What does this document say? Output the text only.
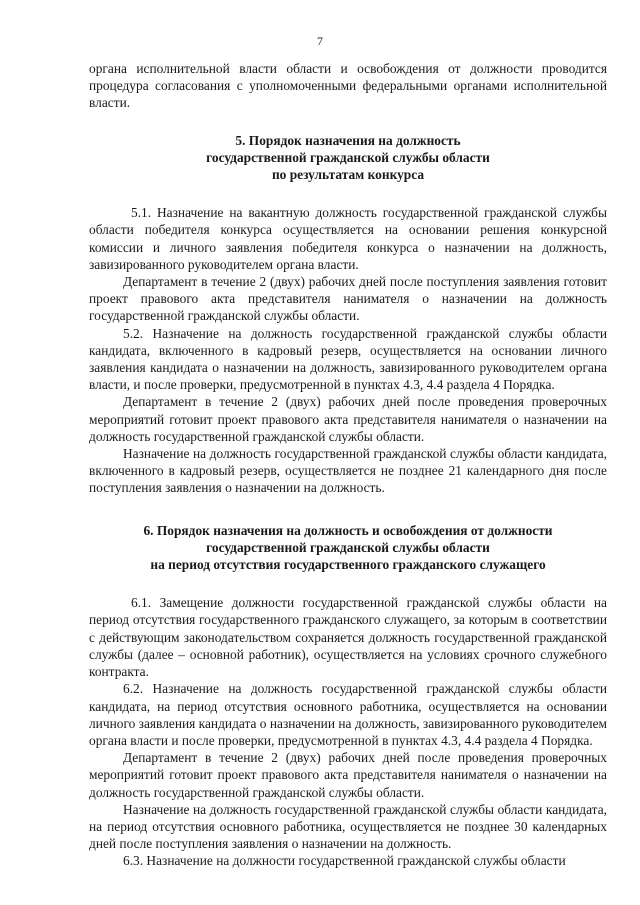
7

органа исполнительной власти области и освобождения от должности проводится процедура согласования с уполномоченными федеральными органами исполнительной власти.

5. Порядок назначения на должность
государственной гражданской службы области
по результатам конкурса

5.1. Назначение на вакантную должность государственной гражданской службы области победителя конкурса осуществляется на основании решения конкурсной комиссии и личного заявления победителя конкурса о назначении на должность, завизированного руководителем органа власти.

Департамент в течение 2 (двух) рабочих дней после поступления заявления готовит проект правового акта представителя нанимателя о назначении на должность государственной гражданской службы области.

5.2. Назначение на должность государственной гражданской службы области кандидата, включенного в кадровый резерв, осуществляется на основании личного заявления кандидата о назначении на должность, завизированного руководителем органа власти, и после проверки, предусмотренной в пунктах 4.3, 4.4 раздела 4 Порядка.

Департамент в течение 2 (двух) рабочих дней после проведения проверочных мероприятий готовит проект правового акта представителя нанимателя о назначении на должность государственной гражданской службы области.

Назначение на должность государственной гражданской службы области кандидата, включенного в кадровый резерв, осуществляется не позднее 21 календарного дня после поступления заявления о назначении на должность.

6. Порядок назначения на должность и освобождения от должности
государственной гражданской службы области
на период отсутствия государственного гражданского служащего

6.1. Замещение должности государственной гражданской службы области на период отсутствия государственного гражданского служащего, за которым в соответствии с действующим законодательством сохраняется должность государственной гражданской службы (далее – основной работник), осуществляется на условиях срочного служебного контракта.

6.2. Назначение на должность государственной гражданской службы области кандидата, на период отсутствия основного работника, осуществляется на основании личного заявления кандидата о назначении на должность, завизированного руководителем органа власти и после проверки, предусмотренной в пунктах 4.3, 4.4 раздела 4 Порядка.

Департамент в течение 2 (двух) рабочих дней после проведения проверочных мероприятий готовит проект правового акта представителя нанимателя о назначении на должность государственной гражданской службы области.

Назначение на должность государственной гражданской службы области кандидата, на период отсутствия основного работника, осуществляется не позднее 30 календарных дней после поступления заявления о назначении на должность.

6.3. Назначение на должности государственной гражданской службы области
